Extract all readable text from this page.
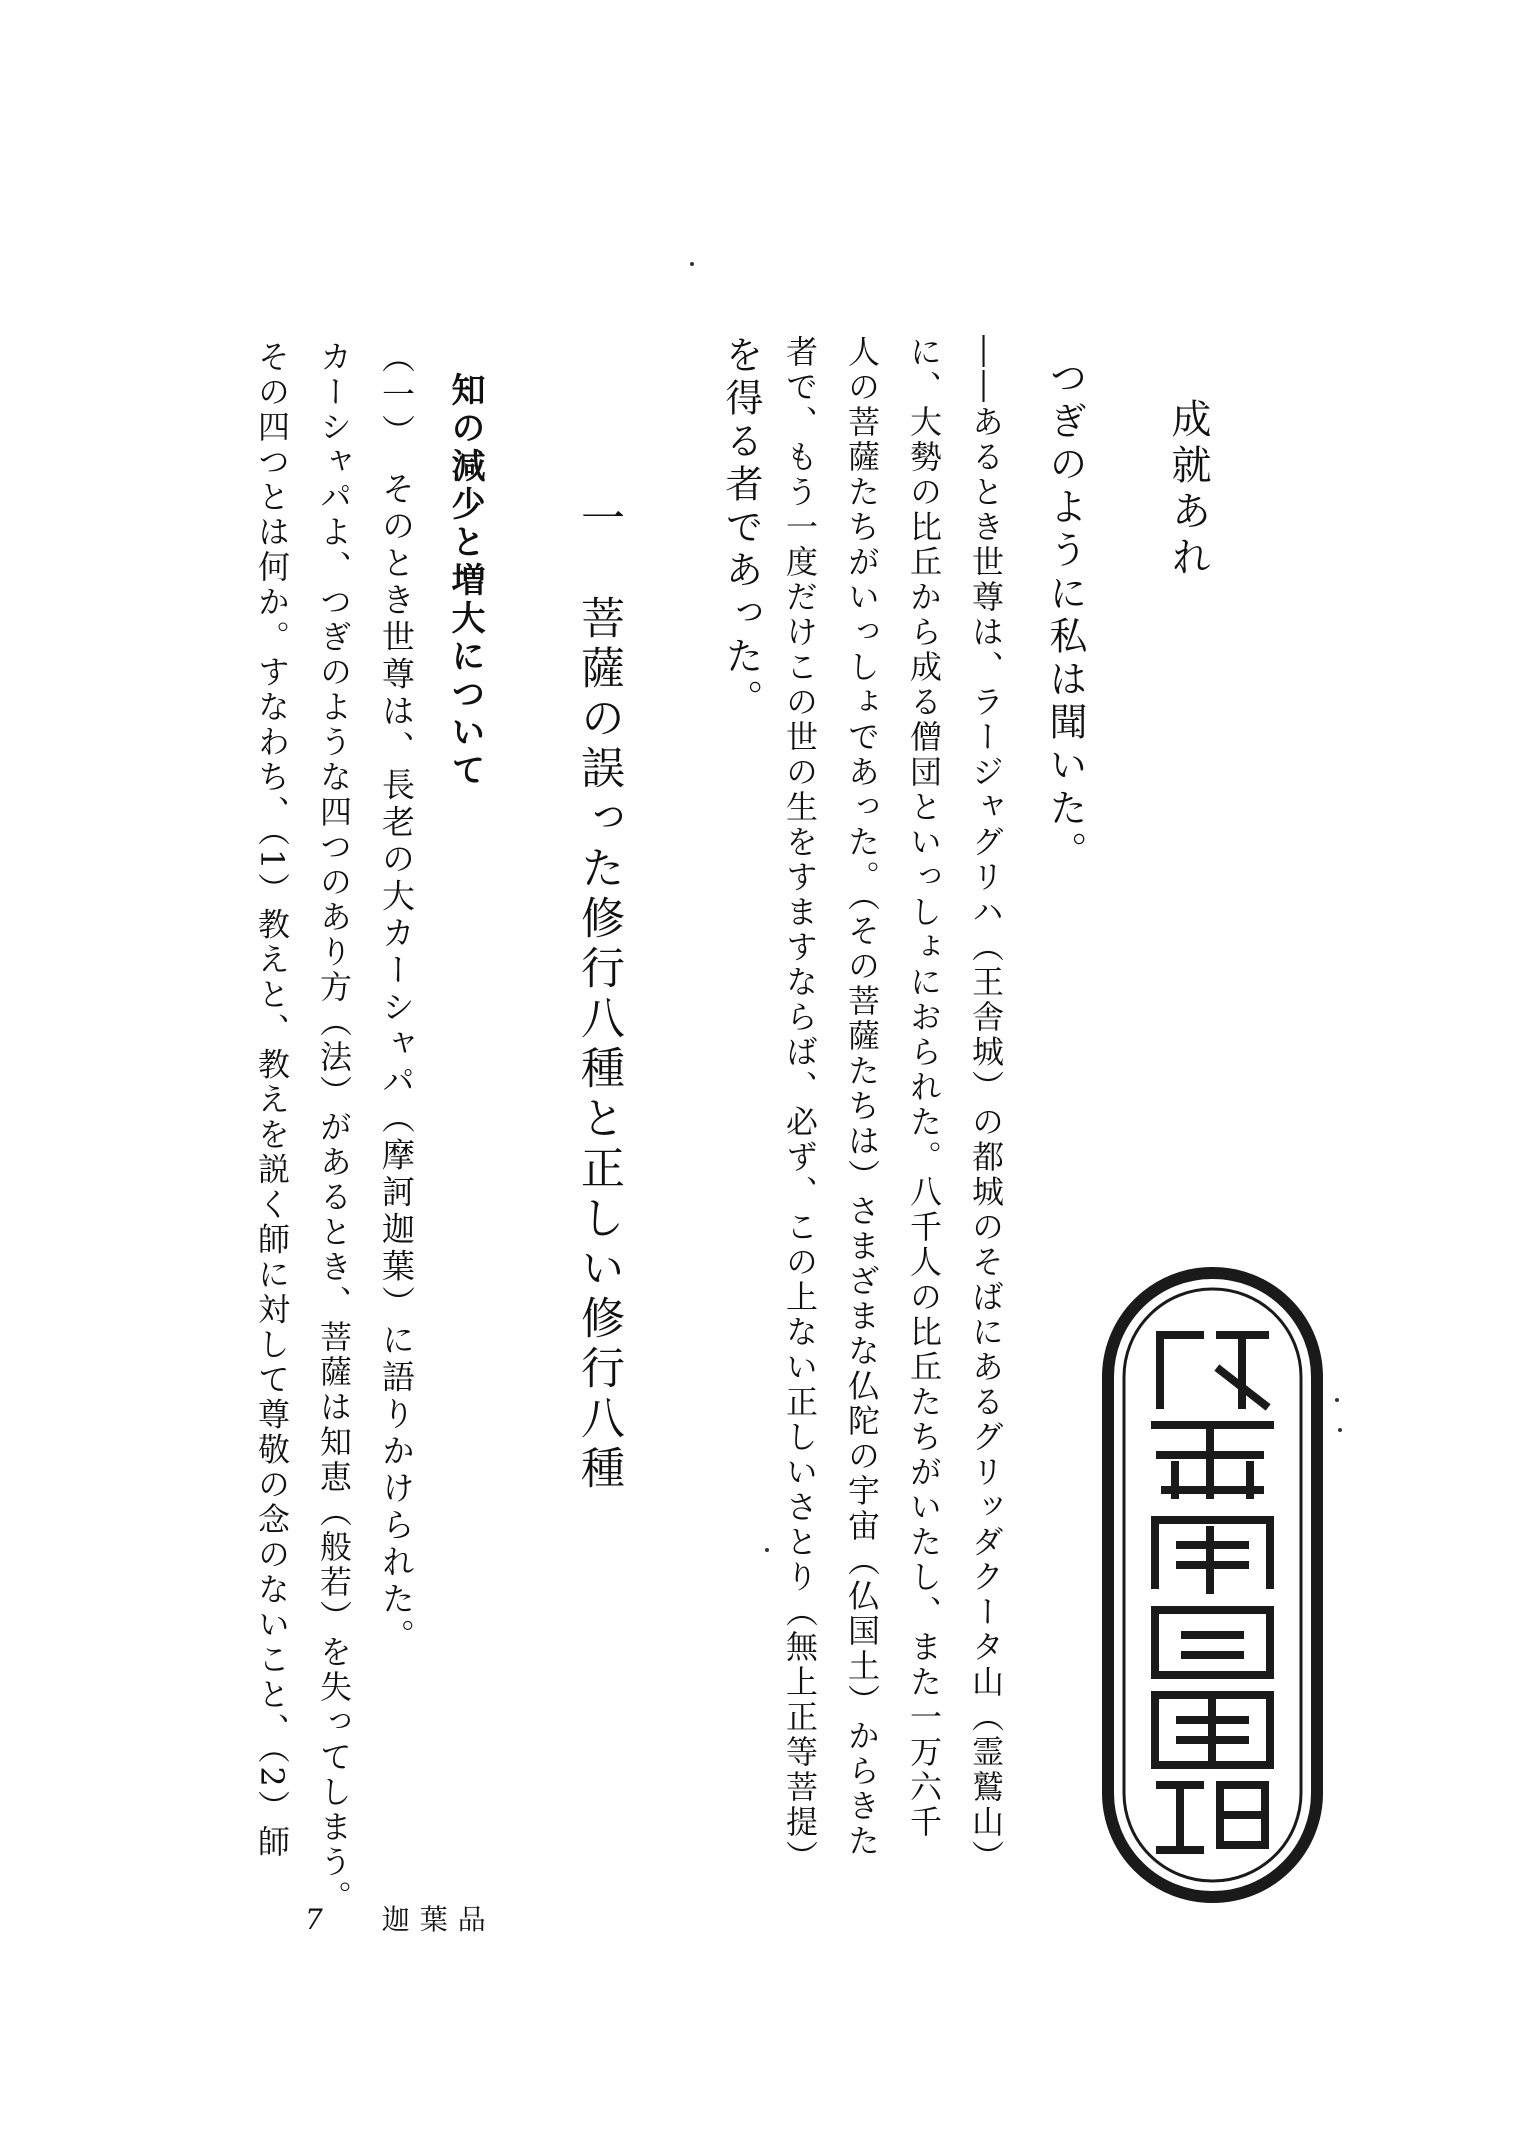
成就あれ
つぎのように私は聞いた。
――あるとき世尊は、ラージャグリハ（王舎城）の都城のそばにあるグリッダクータ山（霊鷲山）
に、大勢の比丘から成る僧団といっしょにおられた。八千人の比丘たちがいたし、また一万六千
人の菩薩たちがいっしょであった。（その菩薩たちは）さまざまな仏陀の宇宙（仏国土）からきた
者で、もう一度だけこの世の生をすますならば、必ず、この上ない正しいさとり（無上正等菩提）
を得る者であった。
一　菩薩の誤った修行八種と正しい修行八種
知の減少と増大について
（一）　そのとき世尊は、長老の大カーシャパ（摩訶迦葉）に語りかけられた。
カーシャパよ、つぎのような四つのあり方（法）があるとき、菩薩は知恵（般若）を失ってしまう。
その四つとは何か。すなわち、（1）教えと、教えを説く師に対して尊敬の念のないこと、（2）師
7 迦葉品
